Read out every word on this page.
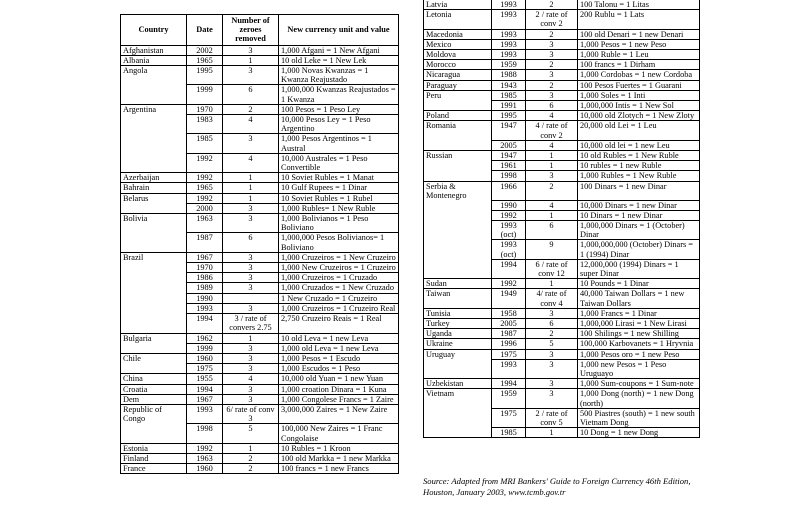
Country	Date	Number of zeroes removed	New currency unit and value
Afghanistan	2002	3	1,000 Afgani = 1 New Afgani
Albania	1965	1	10 old Leke = 1 New Lek
Angola	1995	3	1,000 Novas Kwanzas = 1 Kwanza Reajustado
	1999	6	1,000,000 Kwanzas Reajustados = 1 Kwanza
Argentina	1970	2	100 Pesos = 1 Peso Ley
	1983	4	10,000 Pesos Ley = 1 Peso Argentino
	1985	3	1,000 Pesos Argentinos = 1 Austral
	1992	4	10,000 Australes = 1 Peso Convertible
Azerbaijan	1992	1	10 Soviet Rubles = 1 Manat
Bahrain	1965	1	10 Gulf Rupees = 1 Dinar
Belarus	1992	1	10 Soviet Rubles = 1 Rubel
	2000	3	1,000 Rubles= 1 New Ruble
Bolivia	1963	3	1,000 Bolivianos = 1 Peso Boliviano
	1987	6	1,000,000 Pesos Bolivianos= 1 Boliviano
Brazil	1967	3	1,000 Cruzeiros = 1 New Cruzeiro
	1970	3	1,000 New Cruzeiros = 1 Cruzeiro
	1986	3	1,000 Cruzeiros = 1 Cruzado
	1989	3	1,000 Cruzados = 1 New Cruzado
	1990		1 New Cruzado = 1 Cruzeiro
	1993	3	1,000 Cruzeiros = 1 Cruzeiro Real
	1994	3 / rate of convers 2.75	2,750 Cruzeiro Reais = 1 Real
Bulgaria	1962	1	10 old Leva = 1 new Leva
	1999	3	1,000 old Leva = 1 new Leva
Chile	1960	3	1,000 Pesos = 1 Escudo
	1975	3	1,000 Escudos = 1 Peso
China	1955	4	10,000 old Yuan = 1 new Yuan
Croatia	1994	3	1,000 croation Dinara = 1 Kuna
Dem	1967	3	1,000 Congolese Francs = 1 Zaire
Republic of Congo	1993	6/ rate of conv 3	3,000,000 Zaires = 1 New Zaire
	1998	5	100,000 New Zaires = 1 Franc Congolaise
Estonia	1992	1	10 Rubles = 1 Kroon
Finland	1963	2	100 old Markka = 1 new Markka
France	1960	2	100 francs = 1 new Francs
Latvia	1993	2	100 Talonu = 1 Litas
Letonia	1993	2 / rate of conv 2	200 Rublu = 1 Lats
Macedonia	1993	2	100 old Denari = 1 new Denari
Mexico	1993	3	1,000 Pesos = 1 new Peso
Moldova	1993	3	1,000 Ruble = 1 Leu
Morocco	1959	2	100 francs = 1 Dirham
Nicaragua	1988	3	1,000 Cordobas = 1 new Cordoba
Paraguay	1943	2	100 Pesos Fuertes = 1 Guarani
Peru	1985	3	1,000 Soles = 1 Inti
	1991	6	1,000,000 Intis = 1 New Sol
Poland	1995	4	10,000 old Zlotych = 1 New Zloty
Romania	1947	4 / rate of conv 2	20,000 old Lei = 1 Leu
	2005	4	10,000 old lei = 1 new Leu
Russian	1947	1	10 old Rubles = 1 New Ruble
	1961	1	10 rubles = 1 new Ruble
	1998	3	1,000 Rubles = 1 New Ruble
Serbia & Montenegro	1966	2	100 Dinars = 1 new Dinar
	1990	4	10,000 Dinars = 1 new Dinar
	1992	1	10 Dinars = 1 new Dinar
	1993 (oct)	6	1,000,000 Dinars = 1 (October) Dinar
	1993 (oct)	9	1,000,000,000 (October) Dinars = 1 (1994) Dinar
	1994	6 / rate of conv 12	12,000,000 (1994) Dinars = 1 super Dinar
Sudan	1992	1	10 Pounds = 1 Dinar
Taiwan	1949	4/ rate of conv 4	40,000 Taiwan Dollars = 1 new Taiwan Dollars
Tunisia	1958	3	1,000 Francs = 1 Dinar
Turkey	2005	6	1,000,000 Lirasi = 1 New Lirasi
Uganda	1987	2	100 Shilings = 1 new Shilling
Ukraine	1996	5	100,000 Karbovanets = 1 Hryvnia
Uruguay	1975	3	1,000 Pesos oro = 1 new Peso
	1993	3	1,000 new Pesos = 1 Peso Uruguayo
Uzbekistan	1994	3	1,000 Sum-coupons = 1 Sum-note
Vietnam	1959	3	1,000 Dong (north) = 1 new Dong (north)
	1975	2 / rate of conv 5	500 Piastres (south) = 1 new south Vietnam Dong
	1985	1	10 Dong = 1 new Dong
Source: Adapted from MRI Bankers' Guide to Foreign Currency 46th Edition, Houston, January 2003, www.tcmb.gov.tr
